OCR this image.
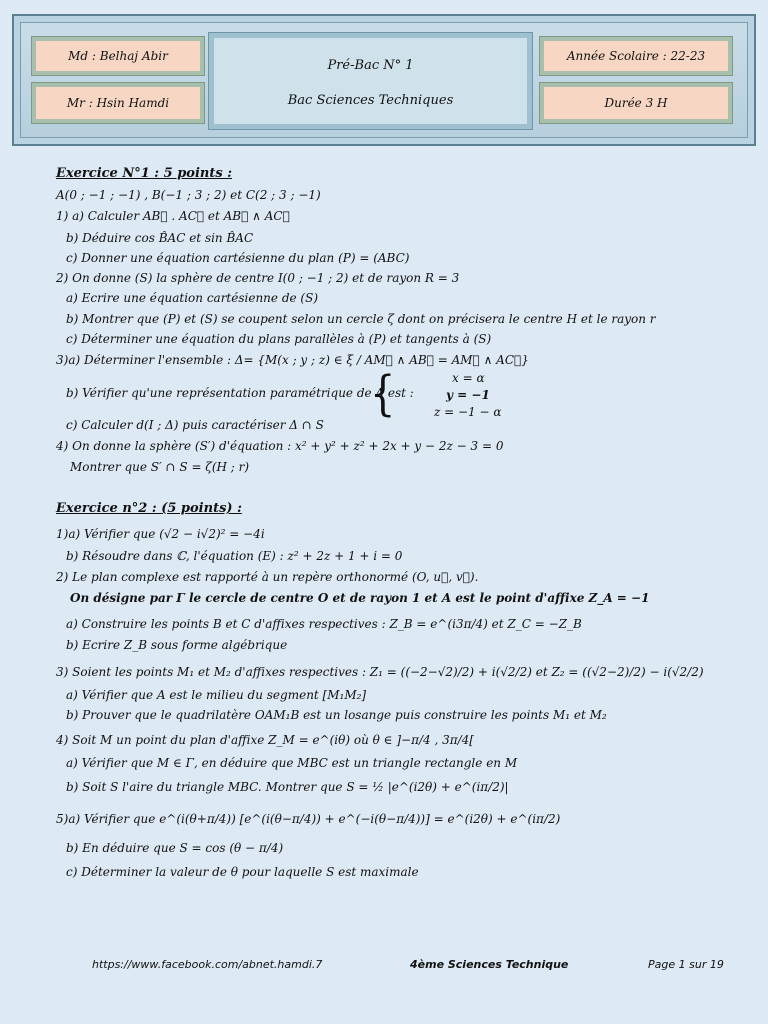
Md : Belhaj Abir
Mr : Hsin Hamdi
Pré-Bac N° 1
Bac Sciences Techniques
Année Scolaire : 22-23
Durée 3 H
Exercice N°1 : 5 points :
A(0 ; −1 ; −1) , B(−1 ; 3 ; 2) et C(2 ; 3 ; −1)
1) a) Calculer AB⃗ . AC⃗ et AB⃗ ∧ AC⃗
b) Déduire cos B̂AC et sin B̂AC
c) Donner une équation cartésienne du plan (P) = (ABC)
2) On donne (S) la sphère de centre I(0 ; −1 ; 2) et de rayon R = 3
a) Ecrire une équation cartésienne de (S)
b) Montrer que (P) et (S) se coupent selon un cercle ζ dont on précisera le centre H et le rayon r
c) Déterminer une équation du plans parallèles à (P) et tangents à (S)
3)a) Déterminer l'ensemble : Δ= {M(x ; y ; z) ∈ ξ / AM⃗ ∧ AB⃗ = AM⃗ ∧ AC⃗}
b) Vérifier qu'une représentation paramétrique de Δ est :
c) Calculer d(I ; Δ) puis caractériser Δ ∩ S
4) On donne la sphère (S′) d'équation : x² + y² + z² + 2x + y − 2z − 3 = 0
Montrer que S′ ∩ S = ζ(H ; r)
Exercice n°2 : (5 points) :
1)a) Vérifier que (√2 − i√2)² = −4i
b) Résoudre dans ℂ, l'équation (E) : z² + 2z + 1 + i = 0
2) Le plan complexe est rapporté à un repère orthonormé (O, u⃗, v⃗).
On désigne par Γ le cercle de centre O et de rayon 1 et A est le point d'affixe Z_A = −1
a) Construire les points B et C d'affixes respectives : Z_B = e^(i3π/4) et Z_C = −Z_B
b) Ecrire Z_B sous forme algébrique
3) Soient les points M₁ et M₂ d'affixes respectives : Z₁ = ((−2−√2)/2) + i(√2/2) et Z₂ = ((√2−2)/2) − i(√2/2)
a) Vérifier que A est le milieu du segment [M₁M₂]
b) Prouver que le quadrilatère OAM₁B est un losange puis construire les points M₁ et M₂
4) Soit M un point du plan d'affixe Z_M = e^(iθ) où θ ∈ ]−π/4 , 3π/4[
a) Vérifier que M ∈ Γ, en déduire que MBC est un triangle rectangle en M
b) Soit S l'aire du triangle MBC. Montrer que S = ½ |e^(i2θ) + e^(iπ/2)|
5)a) Vérifier que e^(i(θ+π/4)) [e^(i(θ−π/4)) + e^(−i(θ−π/4))] = e^(i2θ) + e^(iπ/2)
b) En déduire que S = cos (θ − π/4)
c) Déterminer la valeur de θ pour laquelle S est maximale
{	x = α
y = −1
z = −1 − α
https://www.facebook.com/abnet.hamdi.7	4ème Sciences Technique	Page 1 sur 19
